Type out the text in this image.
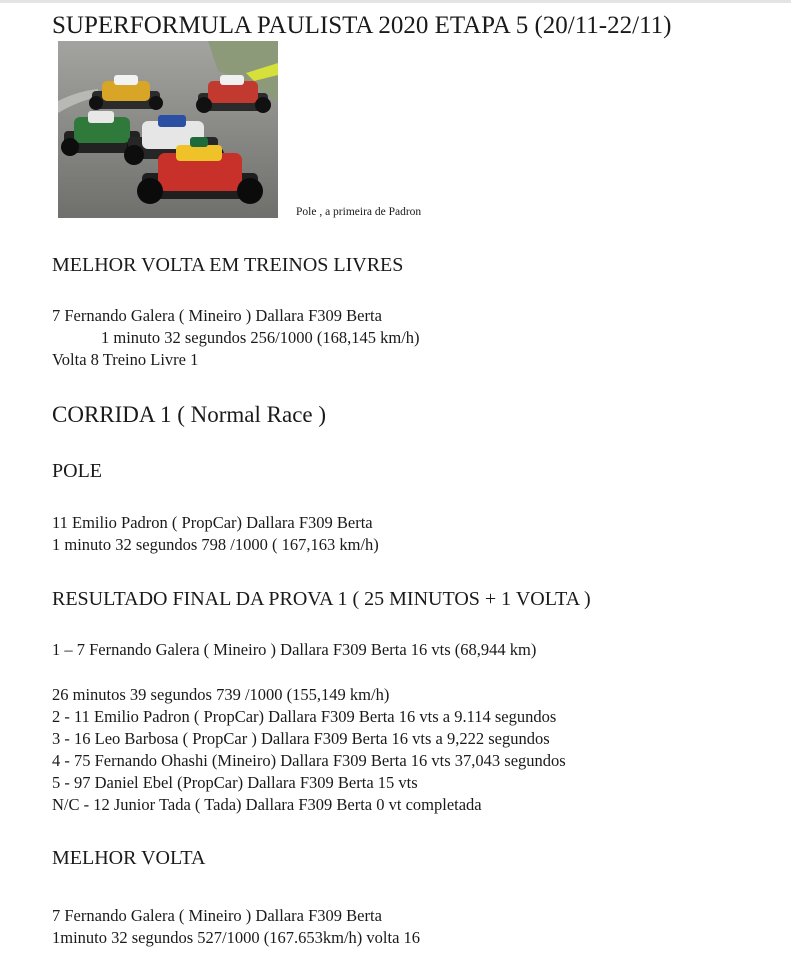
SUPERFORMULA PAULISTA 2020 ETAPA 5 (20/11-22/11)
Pole , a primeira de Padron
MELHOR VOLTA EM TREINOS LIVRES
7 Fernando Galera ( Mineiro ) Dallara F309 Berta
1 minuto 32 segundos 256/1000 (168,145 km/h)
Volta 8 Treino Livre 1
CORRIDA 1 ( Normal Race )
POLE
11 Emilio Padron ( PropCar) Dallara F309 Berta
1 minuto 32 segundos 798 /1000 ( 167,163 km/h)
RESULTADO FINAL DA PROVA 1 ( 25 MINUTOS + 1 VOLTA )
1 – 7 Fernando Galera ( Mineiro ) Dallara F309 Berta 16 vts (68,944 km)
26 minutos 39 segundos 739 /1000 (155,149 km/h)
2 - 11 Emilio Padron ( PropCar) Dallara F309 Berta 16 vts a 9.114 segundos
3 - 16 Leo Barbosa ( PropCar ) Dallara F309 Berta 16 vts a 9,222 segundos
4 - 75 Fernando Ohashi (Mineiro) Dallara F309 Berta 16 vts 37,043 segundos
5 - 97 Daniel Ebel (PropCar) Dallara F309 Berta 15 vts
N/C - 12 Junior Tada ( Tada) Dallara F309 Berta 0 vt completada
MELHOR VOLTA
7 Fernando Galera ( Mineiro ) Dallara F309 Berta
1minuto 32 segundos 527/1000 (167.653km/h) volta 16
